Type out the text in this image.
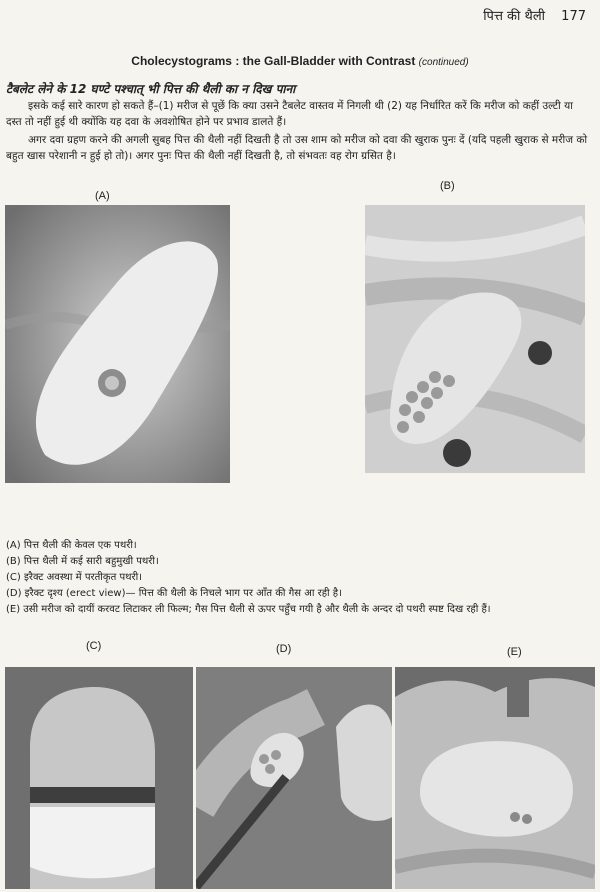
पित्त की थैली 177
Cholecystograms : the Gall-Bladder with Contrast (continued)
टैबलेट लेने के 12 घण्टे पश्चात् भी पित्त की थैली का न दिख पाना

इसके कई सारे कारण हो सकते हैं–(1) मरीज से पूछें कि क्या उसने टैबलेट वास्तव में निगली थी (2) यह निर्धारित करें कि मरीज को कहीं उल्टी या दस्त तो नहीं हुई थी क्योंकि यह दवा के अवशोषित होने पर प्रभाव डालते हैं।

अगर दवा ग्रहण करने की अगली सुबह पित्त की थैली नहीं दिखती है तो उस शाम को मरीज को दवा की खुराक पुनः दें (यदि पहली खुराक से मरीज को बहुत खास परेशानी न हुई हो तो)। अगर पुनः पित्त की थैली नहीं दिखती है, तो संभवतः वह रोग ग्रसित है।

(A)
(B)
(C)	(D)	(E)
(A) पित्त थैली की केवल एक पथरी।
(B) पित्त थैली में कई सारी बहुमुखी पथरी।
(C) इरैक्ट अवस्था में परतीकृत पथरी।
(D) इरैक्ट दृश्य (erect view)— पित्त की थैली के निचले भाग पर आँत की गैस आ रही है।
(E) उसी मरीज को दायीं करवट लिटाकर ली फिल्म; गैस पित्त थैली से ऊपर पहुँच गयी है और थैली के अन्दर दो पथरी स्पष्ट दिख रही हैं।
